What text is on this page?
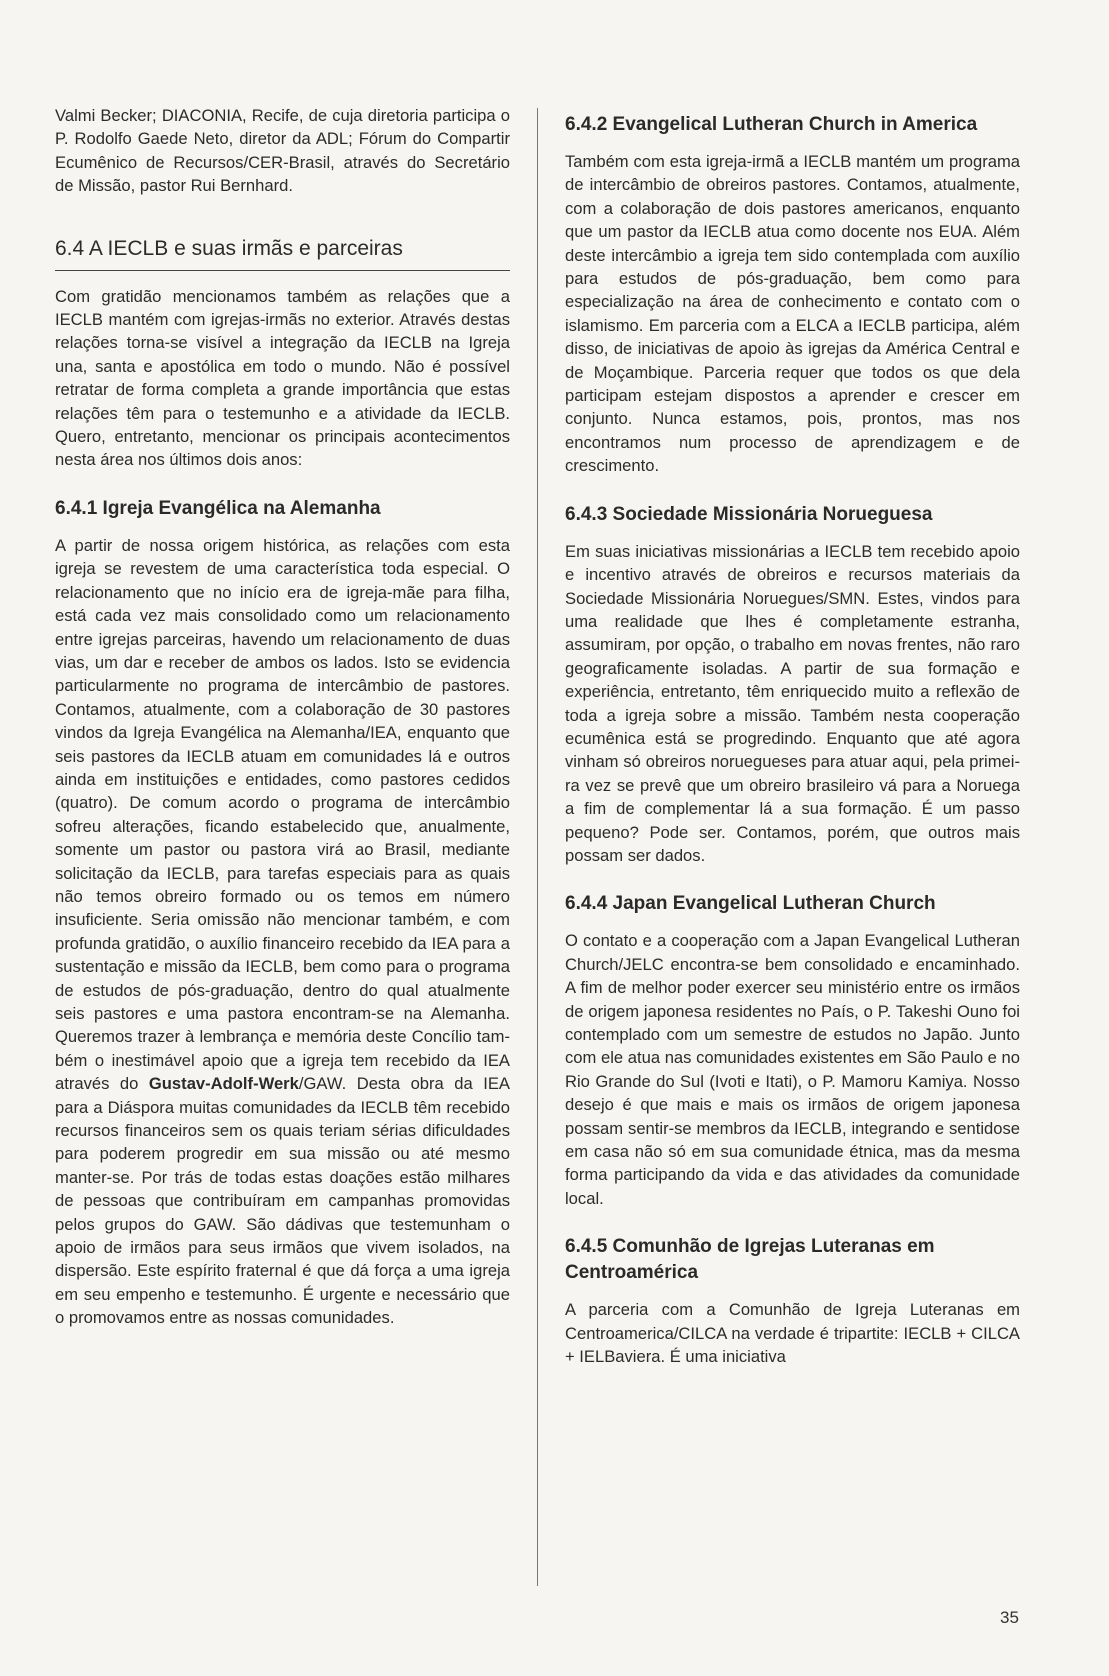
Valmi Becker; DIACONIA, Recife, de cuja diretoria participa o P. Rodolfo Gaede Neto, diretor da ADL; Fórum do Compartir Ecumênico de Recursos/CER-Brasil, através do Secretário de Missão, pastor Rui Bernhard.

6.4 A IECLB e suas irmãs e parceiras

Com gratidão mencionamos também as relações que a IECLB mantém com igrejas-irmãs no exterior. Através destas relações torna-se visível a integração da IECLB na Igreja una, santa e apostólica em todo o mundo. Não é possível retratar de forma completa a grande importância que estas relações têm para o testemunho e a atividade da IECLB. Quero, entretanto, mencionar os principais acontecimentos nesta área nos últimos dois anos:

6.4.1 Igreja Evangélica na Alemanha

A partir de nossa origem histórica, as relações com esta igreja se revestem de uma característica toda especial. O relacionamento que no início era de igreja-mãe para filha, está cada vez mais consolidado como um relacionamento entre igrejas parceiras, havendo um relacionamento de duas vias, um dar e receber de ambos os lados. Isto se evidencia particularmente no programa de intercâmbio de pastores. Contamos, atualmente, com a colaboração de 30 pastores vindos da Igreja Evangélica na Alemanha/IEA, enquanto que seis pastores da IECLB atuam em comunidades lá e outros ainda em instituições e entidades, como pastores cedidos (quatro). De comum acordo o programa de intercâmbio sofreu alterações, ficando estabelecido que, anualmente, somente um pastor ou pastora virá ao Brasil, mediante solicitação da IECLB, para tarefas especiais para as quais não temos obreiro formado ou os temos em número insuficiente. Seria omissão não mencionar também, e com profunda gratidão, o auxílio financeiro recebido da IEA para a sustentação e missão da IECLB, bem como para o programa de estudos de pós-graduação, dentro do qual atualmente seis pastores e uma pastora encontram-se na Alemanha. Queremos trazer à lembrança e memória deste Concílio também o inestimável apoio que a igreja tem recebido da IEA através do Gustav-Adolf-Werk/GAW. Desta obra da IEA para a Diáspora muitas comunidades da IECLB têm recebido recursos financeiros sem os quais teriam sérias dificuldades para poderem progredir em sua missão ou até mesmo manter-se. Por trás de todas estas doações estão milhares de pessoas que contribuíram em campanhas promovidas pelos grupos do GAW. São dádivas que testemunham o apoio de irmãos para seus irmãos que vivem isolados, na dispersão. Este espírito fraternal é que dá força a uma igreja em seu empenho e testemunho. É urgente e necessário que o promovamos entre as nossas comunidades.

6.4.2 Evangelical Lutheran Church in America

Também com esta igreja-irmã a IECLB mantém um programa de intercâmbio de obreiros pastores. Contamos, atualmente, com a colaboração de dois pastores americanos, enquanto que um pastor da IECLB atua como docente nos EUA. Além deste intercâmbio a igreja tem sido contemplada com auxílio para estudos de pós-graduação, bem como para especialização na área de conhecimento e contato com o islamismo. Em parceria com a ELCA a IECLB participa, além disso, de iniciativas de apoio às igrejas da América Central e de Moçambique. Parceria requer que todos os que dela participam estejam dispostos a aprender e crescer em conjunto. Nunca estamos, pois, prontos, mas nos encontramos num processo de aprendizagem e de crescimento.

6.4.3 Sociedade Missionária Norueguesa

Em suas iniciativas missionárias a IECLB tem recebido apoio e incentivo através de obreiros e recursos materiais da Sociedade Missionária Noruegues/SMN. Estes, vindos para uma realidade que lhes é completamente estranha, assumiram, por opção, o trabalho em novas frentes, não raro geograficamente isoladas. A partir de sua formação e experiência, entretanto, têm enriquecido muito a reflexão de toda a igreja sobre a missão. Também nesta cooperação ecumênica está se progredindo. Enquanto que até agora vinham só obreiros noruegueses para atuar aqui, pela primeira vez se prevê que um obreiro brasileiro vá para a Noruega a fim de complementar lá a sua formação. É um passo pequeno? Pode ser. Contamos, porém, que outros mais possam ser dados.

6.4.4 Japan Evangelical Lutheran Church

O contato e a cooperação com a Japan Evangelical Lutheran Church/JELC encontra-se bem consolidado e encaminhado. A fim de melhor poder exercer seu ministério entre os irmãos de origem japonesa residentes no País, o P. Takeshi Ouno foi contemplado com um semestre de estudos no Japão. Junto com ele atua nas comunidades existentes em São Paulo e no Rio Grande do Sul (Ivoti e Itati), o P. Mamoru Kamiya. Nosso desejo é que mais e mais os irmãos de origem japonesa possam sentir-se membros da IECLB, integrando e sentidose em casa não só em sua comunidade étnica, mas da mesma forma participando da vida e das atividades da comunidade local.

6.4.5 Comunhão de Igrejas Luteranas em Centroamérica

A parceria com a Comunhão de Igreja Luteranas em Centroamerica/CILCA na verdade é tripartite: IECLB + CILCA + IELBaviera. É uma iniciativa

35
